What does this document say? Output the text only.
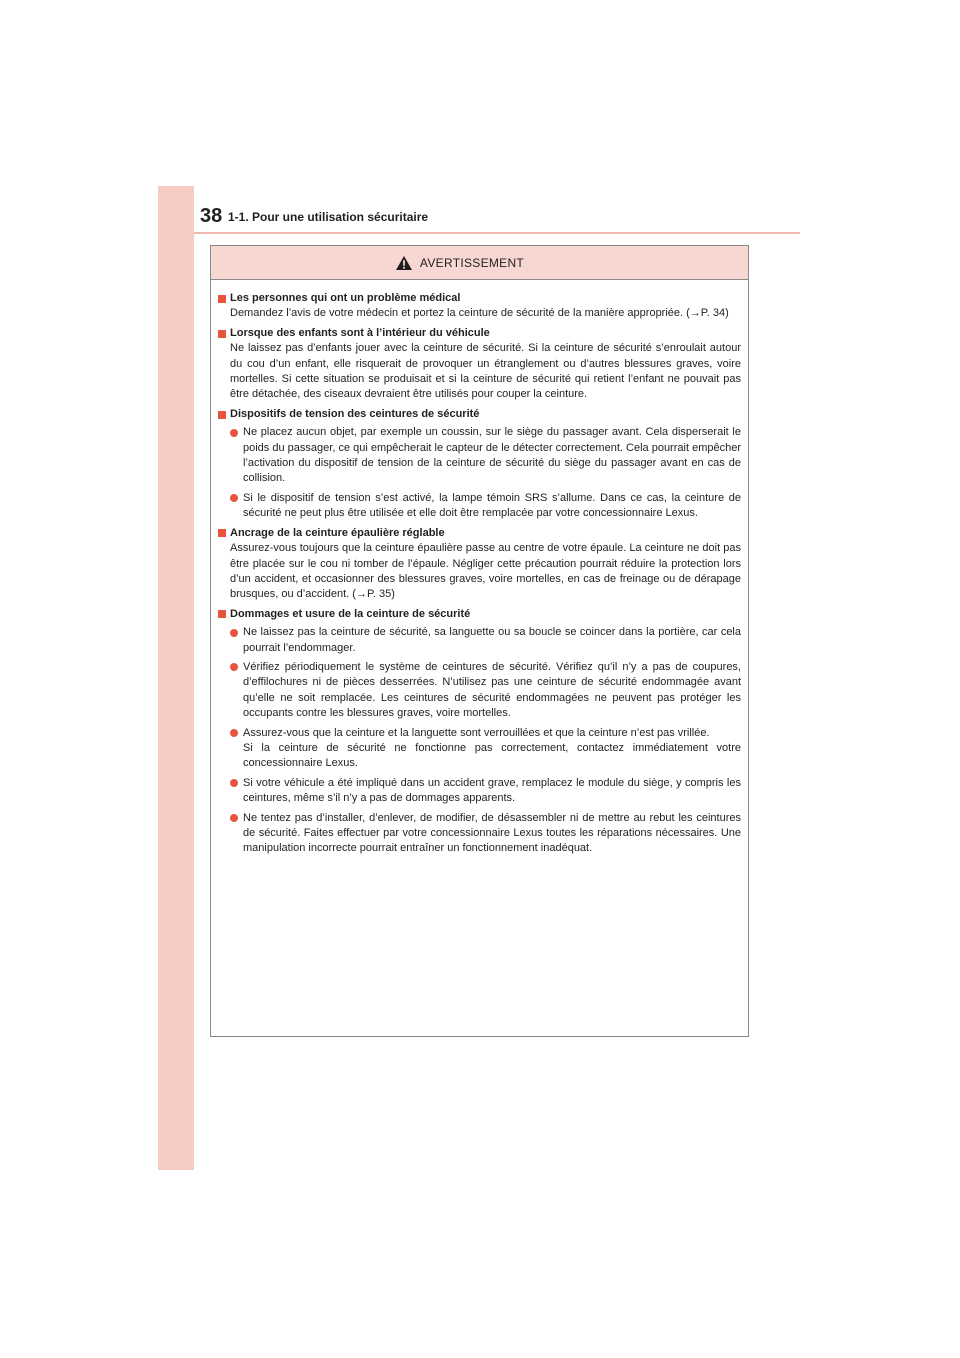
38 1-1. Pour une utilisation sécuritaire
AVERTISSEMENT
Les personnes qui ont un problème médical
Demandez l’avis de votre médecin et portez la ceinture de sécurité de la manière appropriée. (→P. 34)
Lorsque des enfants sont à l’intérieur du véhicule
Ne laissez pas d’enfants jouer avec la ceinture de sécurité. Si la ceinture de sécurité s’enroulait autour du cou d’un enfant, elle risquerait de provoquer un étranglement ou d’autres blessures graves, voire mortelles. Si cette situation se produisait et si la ceinture de sécurité qui retient l’enfant ne pouvait pas être détachée, des ciseaux devraient être utilisés pour couper la ceinture.
Dispositifs de tension des ceintures de sécurité
Ne placez aucun objet, par exemple un coussin, sur le siège du passager avant. Cela disperserait le poids du passager, ce qui empêcherait le capteur de le détecter correctement. Cela pourrait empêcher l’activation du dispositif de tension de la ceinture de sécurité du siège du passager avant en cas de collision.
Si le dispositif de tension s’est activé, la lampe témoin SRS s’allume. Dans ce cas, la ceinture de sécurité ne peut plus être utilisée et elle doit être remplacée par votre concessionnaire Lexus.
Ancrage de la ceinture épaulière réglable
Assurez-vous toujours que la ceinture épaulière passe au centre de votre épaule. La ceinture ne doit pas être placée sur le cou ni tomber de l’épaule. Négliger cette précaution pourrait réduire la protection lors d’un accident, et occasionner des blessures graves, voire mortelles, en cas de freinage ou de dérapage brusques, ou d’accident. (→P. 35)
Dommages et usure de la ceinture de sécurité
Ne laissez pas la ceinture de sécurité, sa languette ou sa boucle se coincer dans la portière, car cela pourrait l’endommager.
Vérifiez périodiquement le système de ceintures de sécurité. Vérifiez qu’il n’y a pas de coupures, d’effilochures ni de pièces desserrées. N’utilisez pas une ceinture de sécurité endommagée avant qu’elle ne soit remplacée. Les ceintures de sécurité endommagées ne peuvent pas protéger les occupants contre les blessures graves, voire mortelles.
Assurez-vous que la ceinture et la languette sont verrouillées et que la ceinture n’est pas vrillée.
Si la ceinture de sécurité ne fonctionne pas correctement, contactez immédiatement votre concessionnaire Lexus.
Si votre véhicule a été impliqué dans un accident grave, remplacez le module du siège, y compris les ceintures, même s’il n’y a pas de dommages apparents.
Ne tentez pas d’installer, d’enlever, de modifier, de désassembler ni de mettre au rebut les ceintures de sécurité. Faites effectuer par votre concessionnaire Lexus toutes les réparations nécessaires. Une manipulation incorrecte pourrait entraîner un fonctionnement inadéquat.
